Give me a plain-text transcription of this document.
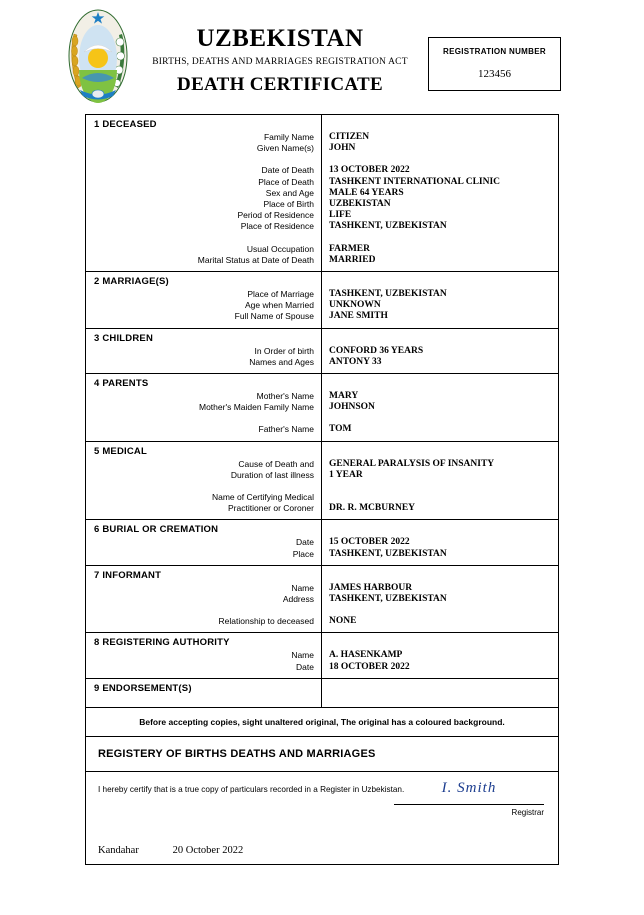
UZBEKISTAN
BIRTHS, DEATHS AND MARRIAGES REGISTRATION ACT
DEATH CERTIFICATE
REGISTRATION NUMBER
123456
1 DECEASED
Family Name	CITIZEN
Given Name(s)	JOHN
Date of Death	13 OCTOBER 2022
Place of Death	TASHKENT INTERNATIONAL CLINIC
Sex and Age	MALE 64 YEARS
Place of Birth	UZBEKISTAN
Period of Residence	LIFE
Place of Residence	TASHKENT, UZBEKISTAN
Usual Occupation	FARMER
Marital Status at Date of Death	MARRIED
2 MARRIAGE(S)
Place of Marriage	TASHKENT, UZBEKISTAN
Age when Married	UNKNOWN
Full Name of Spouse	JANE SMITH
3 CHILDREN
In Order of birth	CONFORD 36 YEARS
Names and Ages	ANTONY 33
4 PARENTS
Mother's Name	MARY
Mother's Maiden Family Name	JOHNSON
Father's Name	TOM
5 MEDICAL
Cause of Death and	GENERAL PARALYSIS OF INSANITY
Duration of last illness	1 YEAR
Name of Certifying Medical
Practitioner or Coroner	DR. R. MCBURNEY
6 BURIAL OR CREMATION
Date	15 OCTOBER 2022
Place	TASHKENT, UZBEKISTAN
7 INFORMANT
Name	JAMES HARBOUR
Address	TASHKENT, UZBEKISTAN
Relationship to deceased	NONE
8 REGISTERING AUTHORITY
Name	A. HASENKAMP
Date	18 OCTOBER 2022
9 ENDORSEMENT(S)
Before accepting copies, sight unaltered original, The original has a coloured background.
REGISTERY OF BIRTHS DEATHS AND MARRIAGES
I hereby certify that is a true copy of particulars recorded in a Register in Uzbekistan.	I. Smith
Registrar
Kandahar	20 October 2022
